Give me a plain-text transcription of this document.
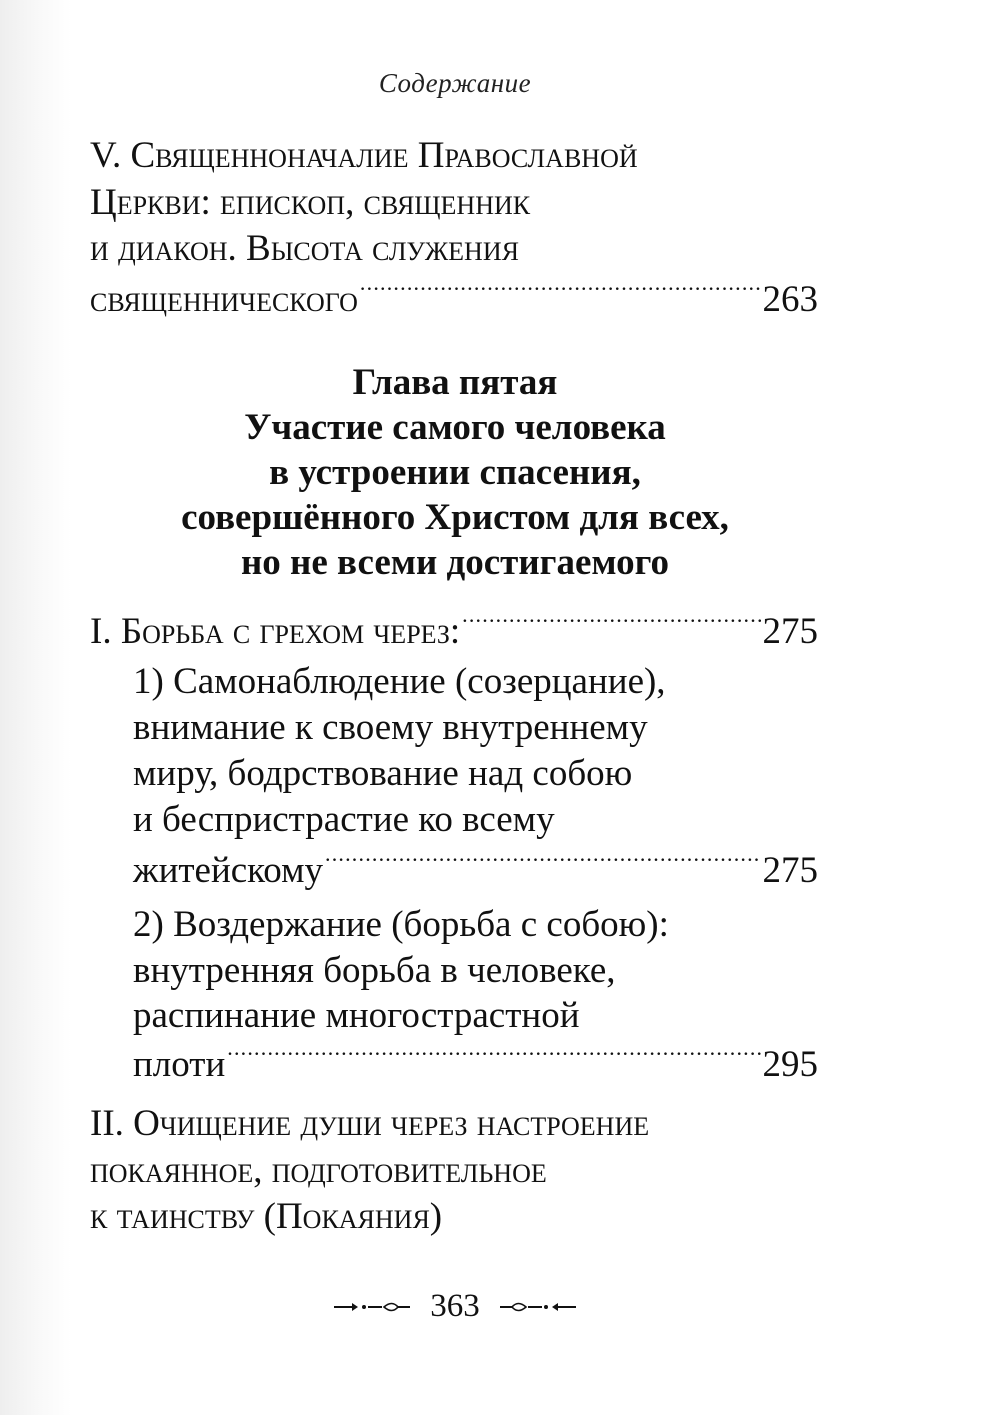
Содержание
V. Священноначалие Православной
Церкви: епископ, священник
и диакон. Высота служения
священнического .....	263
Глава пятая
Участие самого человека
в устроении спасения,
совершённого Христом для всех,
но не всеми достигаемого
I. Борьба с грехом через: .....	275
1) Самонаблюдение (созерцание),
внимание к своему внутреннему
миру, бодрствование над собою
и беспристрастие ко всему
житейскому .....	275
2) Воздержание (борьба с собою):
внутренняя борьба в человеке,
распинание многострастной
плоти .....	295
II. Очищение души через настроение
покаянное, подготовительное
к таинству (Покаяния)
363
